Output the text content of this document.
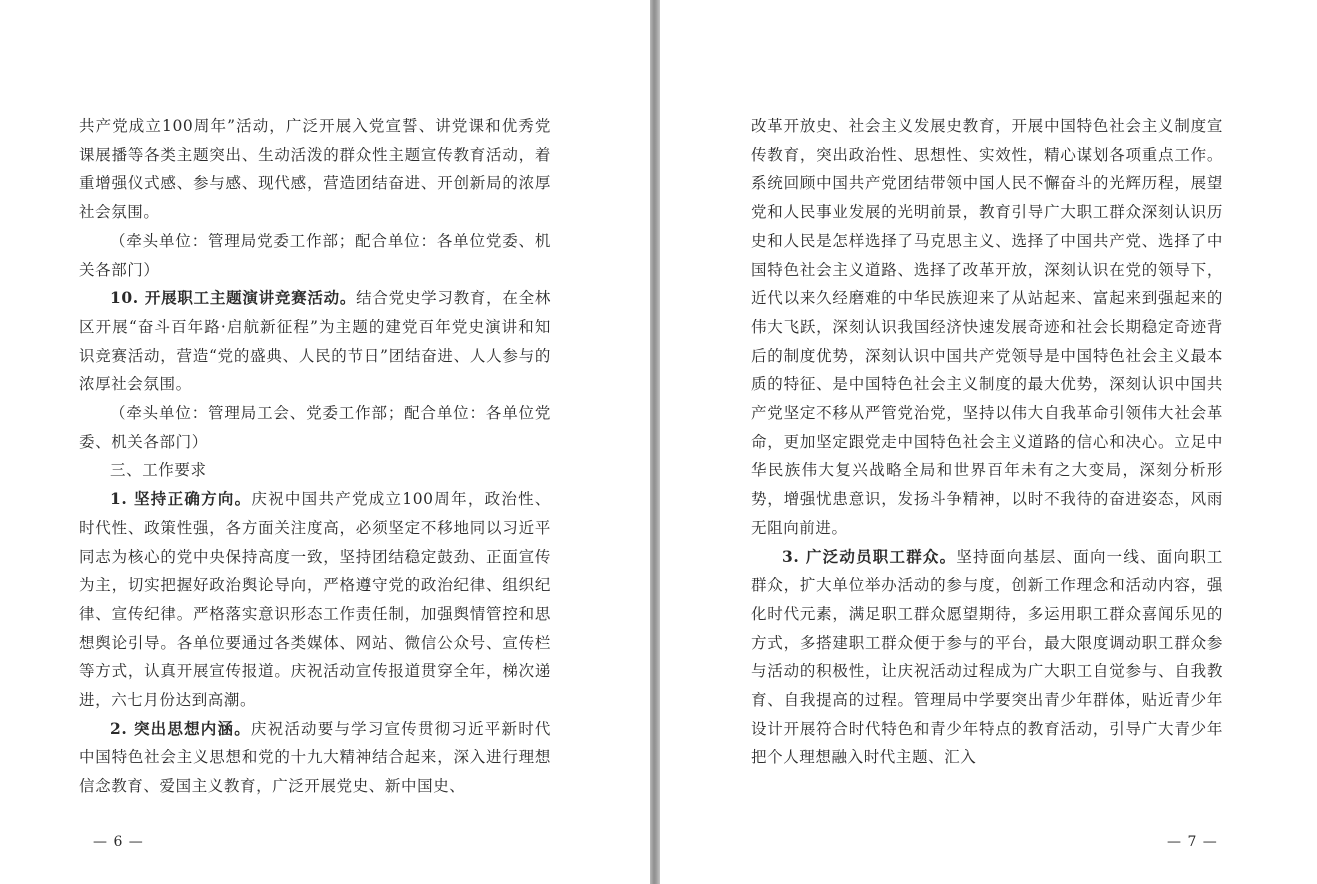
共产党成立100周年”活动，广泛开展入党宣誓、讲党课和优秀党课展播等各类主题突出、生动活泼的群众性主题宣传教育活动，着重增强仪式感、参与感、现代感，营造团结奋进、开创新局的浓厚社会氛围。

（牵头单位：管理局党委工作部；配合单位：各单位党委、机关各部门）

10. 开展职工主题演讲竞赛活动。结合党史学习教育，在全林区开展“奋斗百年路·启航新征程”为主题的建党百年党史演讲和知识竞赛活动，营造“党的盛典、人民的节日”团结奋进、人人参与的浓厚社会氛围。

（牵头单位：管理局工会、党委工作部；配合单位：各单位党委、机关各部门）

三、工作要求

1. 坚持正确方向。庆祝中国共产党成立100周年，政治性、时代性、政策性强，各方面关注度高，必须坚定不移地同以习近平同志为核心的党中央保持高度一致，坚持团结稳定鼓劲、正面宣传为主，切实把握好政治舆论导向，严格遵守党的政治纪律、组织纪律、宣传纪律。严格落实意识形态工作责任制，加强舆情管控和思想舆论引导。各单位要通过各类媒体、网站、微信公众号、宣传栏等方式，认真开展宣传报道。庆祝活动宣传报道贯穿全年，梯次递进，六七月份达到高潮。

2. 突出思想内涵。庆祝活动要与学习宣传贯彻习近平新时代中国特色社会主义思想和党的十九大精神结合起来，深入进行理想信念教育、爱国主义教育，广泛开展党史、新中国史、

— 6 —

改革开放史、社会主义发展史教育，开展中国特色社会主义制度宣传教育，突出政治性、思想性、实效性，精心谋划各项重点工作。系统回顾中国共产党团结带领中国人民不懈奋斗的光辉历程，展望党和人民事业发展的光明前景，教育引导广大职工群众深刻认识历史和人民是怎样选择了马克思主义、选择了中国共产党、选择了中国特色社会主义道路、选择了改革开放，深刻认识在党的领导下，近代以来久经磨难的中华民族迎来了从站起来、富起来到强起来的伟大飞跃，深刻认识我国经济快速发展奇迹和社会长期稳定奇迹背后的制度优势，深刻认识中国共产党领导是中国特色社会主义最本质的特征、是中国特色社会主义制度的最大优势，深刻认识中国共产党坚定不移从严管党治党，坚持以伟大自我革命引领伟大社会革命，更加坚定跟党走中国特色社会主义道路的信心和决心。立足中华民族伟大复兴战略全局和世界百年未有之大变局，深刻分析形势，增强忧患意识，发扬斗争精神，以时不我待的奋进姿态，风雨无阻向前进。

3. 广泛动员职工群众。坚持面向基层、面向一线、面向职工群众，扩大单位举办活动的参与度，创新工作理念和活动内容，强化时代元素，满足职工群众愿望期待，多运用职工群众喜闻乐见的方式，多搭建职工群众便于参与的平台，最大限度调动职工群众参与活动的积极性，让庆祝活动过程成为广大职工自觉参与、自我教育、自我提高的过程。管理局中学要突出青少年群体，贴近青少年设计开展符合时代特色和青少年特点的教育活动，引导广大青少年把个人理想融入时代主题、汇入

— 7 —
